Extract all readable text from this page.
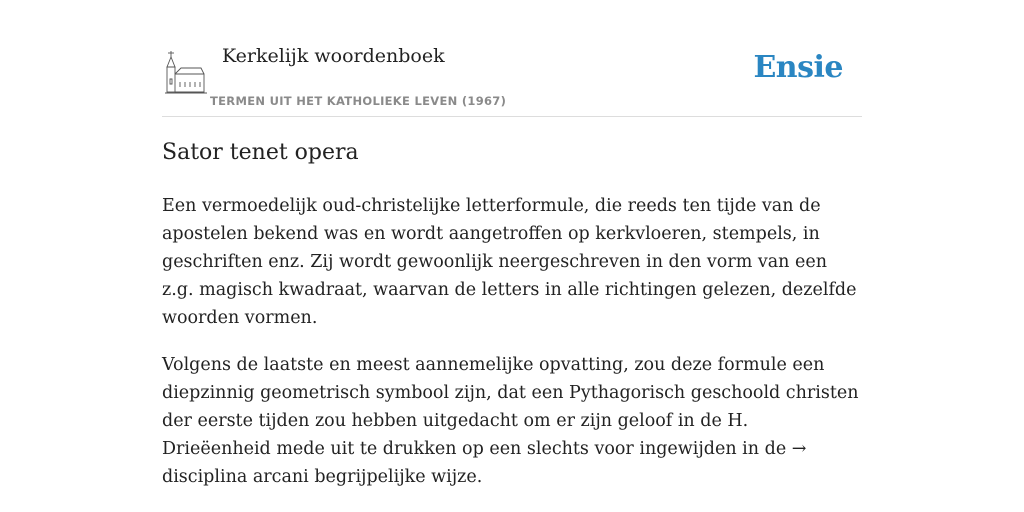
Kerkelijk woordenboek
TERMEN UIT HET KATHOLIEKE LEVEN (1967)
Ensie
Sator tenet opera

Een vermoedelijk oud-christelijke letterformule, die reeds ten tijde van de apostelen bekend was en wordt aangetroffen op kerkvloeren, stempels, in geschriften enz. Zij wordt gewoonlijk neergeschreven in den vorm van een z.g. magisch kwadraat, waarvan de letters in alle richtingen gelezen, dezelfde woorden vormen.

Volgens de laatste en meest aannemelijke opvatting, zou deze formule een diepzinnig geometrisch symbool zijn, dat een Pythagorisch geschoold christen der eerste tijden zou hebben uitgedacht om er zijn geloof in de H. Drieëenheid mede uit te drukken op een slechts voor ingewijden in de → disciplina arcani begrijpelijke wijze.
